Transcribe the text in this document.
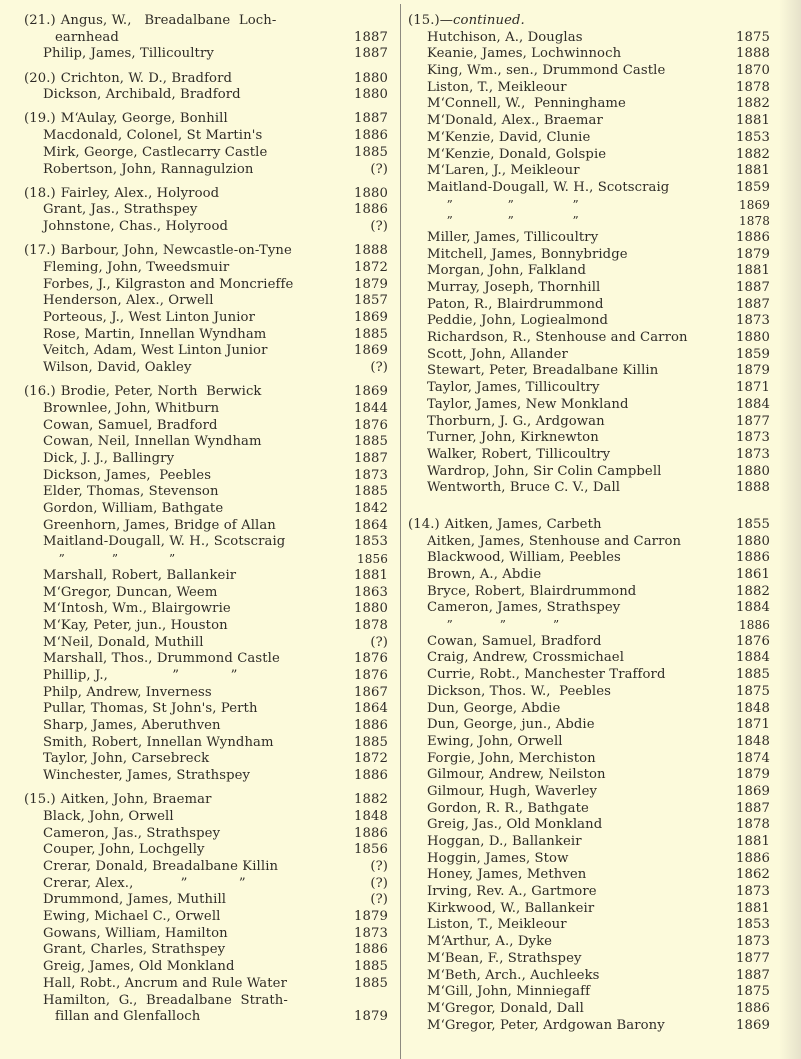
(21.) Angus, W.,   Breadalbane  Loch-
earnhead	1887
Philip, James, Tillicoultry	1887
(20.) Crichton, W. D., Bradford	1880
Dickson, Archibald, Bradford	1880
(19.) M‘Aulay, George, Bonhill	1887
Macdonald, Colonel, St Martin's	1886
Mirk, George, Castlecarry Castle	1885
Robertson, John, Rannagulzion	(?)
(18.) Fairley, Alex., Holyrood	1880
Grant, Jas., Strathspey	1886
Johnstone, Chas., Holyrood	(?)
(17.) Barbour, John, Newcastle-on-Tyne	1888
Fleming, John, Tweedsmuir	1872
Forbes, J., Kilgraston and Moncrieffe	1879
Henderson, Alex., Orwell	1857
Porteous, J., West Linton Junior	1869
Rose, Martin, Innellan Wyndham	1885
Veitch, Adam, West Linton Junior	1869
Wilson, David, Oakley	(?)
(16.) Brodie, Peter, North  Berwick	1869
Brownlee, John, Whitburn	1844
Cowan, Samuel, Bradford	1876
Cowan, Neil, Innellan Wyndham	1885
Dick, J. J., Ballingry	1887
Dickson, James,  Peebles	1873
Elder, Thomas, Stevenson	1885
Gordon, William, Bathgate	1842
Greenhorn, James, Bridge of Allan	1864
Maitland-Dougall, W. H., Scotscraig	1853
”            ”             ”	1856
Marshall, Robert, Ballankeir	1881
M‘Gregor, Duncan, Weem	1863
M‘Intosh, Wm., Blairgowrie	1880
M‘Kay, Peter, jun., Houston	1878
M‘Neil, Donald, Muthill	(?)
Marshall, Thos., Drummond Castle	1876
Phillip, J.,               ”            ”	1876
Philp, Andrew, Inverness	1867
Pullar, Thomas, St John's, Perth	1864
Sharp, James, Aberuthven	1886
Smith, Robert, Innellan Wyndham	1885
Taylor, John, Carsebreck	1872
Winchester, James, Strathspey	1886
(15.) Aitken, John, Braemar	1882
Black, John, Orwell	1848
Cameron, Jas., Strathspey	1886
Couper, John, Lochgelly	1856
Crerar, Donald, Breadalbane Killin	(?)
Crerar, Alex.,           ”            ”	(?)
Drummond, James, Muthill	(?)
Ewing, Michael C., Orwell	1879
Gowans, William, Hamilton	1873
Grant, Charles, Strathspey	1886
Greig, James, Old Monkland	1885
Hall, Robt., Ancrum and Rule Water	1885
Hamilton,  G.,  Breadalbane  Strath-
fillan and Glenfalloch	1879
(15.)—continued.
Hutchison, A., Douglas	1875
Keanie, James, Lochwinnoch	1888
King, Wm., sen., Drummond Castle	1870
Liston, T., Meikleour	1878
M‘Connell, W.,  Penninghame	1882
M‘Donald, Alex., Braemar	1881
M‘Kenzie, David, Clunie	1853
M‘Kenzie, Donald, Golspie	1882
M‘Laren, J., Meikleour	1881
Maitland-Dougall, W. H., Scotscraig	1859
”              ”               ”	1869
”              ”               ”	1878
Miller, James, Tillicoultry	1886
Mitchell, James, Bonnybridge	1879
Morgan, John, Falkland	1881
Murray, Joseph, Thornhill	1887
Paton, R., Blairdrummond	1887
Peddie, John, Logiealmond	1873
Richardson, R., Stenhouse and Carron	1880
Scott, John, Allander	1859
Stewart, Peter, Breadalbane Killin	1879
Taylor, James, Tillicoultry	1871
Taylor, James, New Monkland	1884
Thorburn, J. G., Ardgowan	1877
Turner, John, Kirknewton	1873
Walker, Robert, Tillicoultry	1873
Wardrop, John, Sir Colin Campbell	1880
Wentworth, Bruce C. V., Dall	1888
(14.) Aitken, James, Carbeth	1855
Aitken, James, Stenhouse and Carron	1880
Blackwood, William, Peebles	1886
Brown, A., Abdie	1861
Bryce, Robert, Blairdrummond	1882
Cameron, James, Strathspey	1884
”            ”            ”	1886
Cowan, Samuel, Bradford	1876
Craig, Andrew, Crossmichael	1884
Currie, Robt., Manchester Trafford	1885
Dickson, Thos. W.,  Peebles	1875
Dun, George, Abdie	1848
Dun, George, jun., Abdie	1871
Ewing, John, Orwell	1848
Forgie, John, Merchiston	1874
Gilmour, Andrew, Neilston	1879
Gilmour, Hugh, Waverley	1869
Gordon, R. R., Bathgate	1887
Greig, Jas., Old Monkland	1878
Hoggan, D., Ballankeir	1881
Hoggin, James, Stow	1886
Honey, James, Methven	1862
Irving, Rev. A., Gartmore	1873
Kirkwood, W., Ballankeir	1881
Liston, T., Meikleour	1853
M‘Arthur, A., Dyke	1873
M‘Bean, F., Strathspey	1877
M‘Beth, Arch., Auchleeks	1887
M‘Gill, John, Minniegaff	1875
M‘Gregor, Donald, Dall	1886
M‘Gregor, Peter, Ardgowan Barony	1869
